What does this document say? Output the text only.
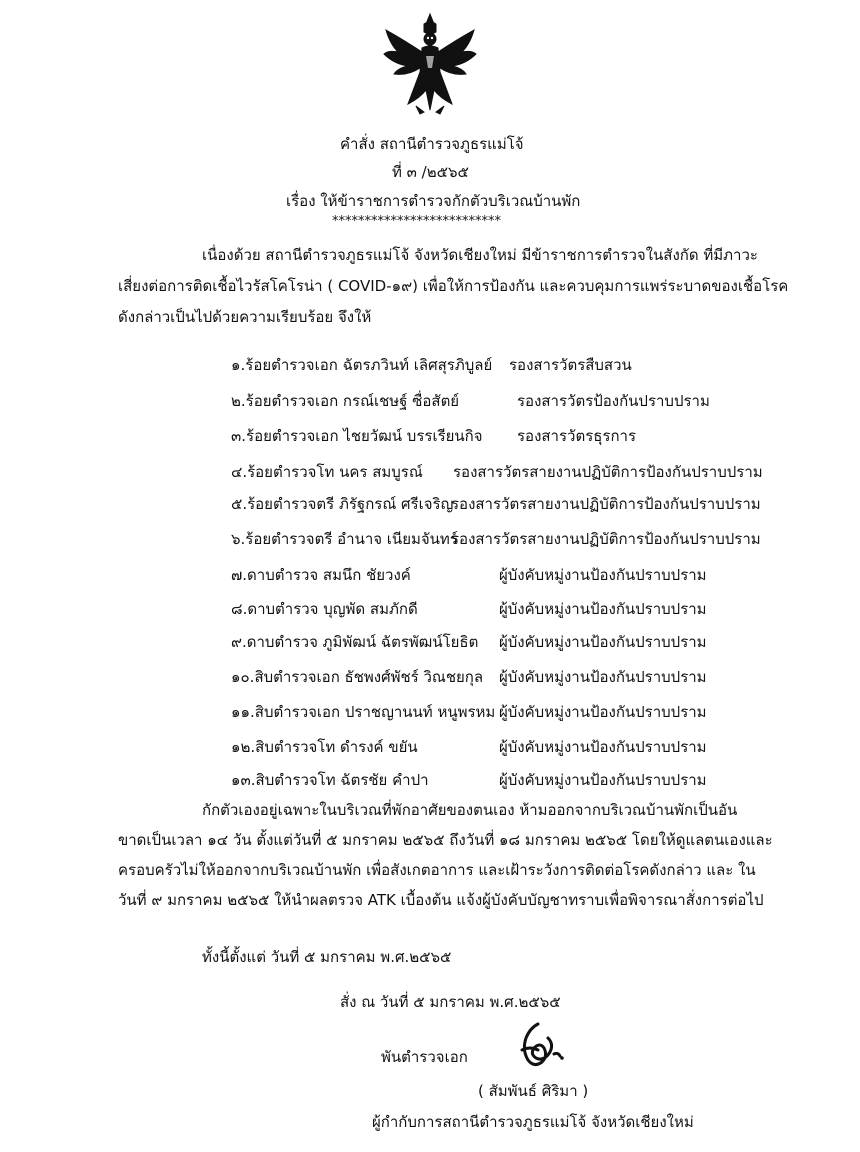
คำสั่ง สถานีตำรวจภูธรแม่โจ้
ที่ ๓ /๒๕๖๕
เรื่อง ให้ข้าราชการตำรวจกักตัวบริเวณบ้านพัก
**************************
เนื่องด้วย สถานีตำรวจภูธรแม่โจ้ จังหวัดเชียงใหม่ มีข้าราชการตำรวจในสังกัด ที่มีภาวะ
เสี่ยงต่อการติดเชื้อไวรัสโคโรน่า ( COVID-๑๙) เพื่อให้การป้องกัน และควบคุมการแพร่ระบาดของเชื้อโรค
ดังกล่าวเป็นไปด้วยความเรียบร้อย จึงให้
๑.ร้อยตำรวจเอก ฉัตรภวินท์ เลิศสุรภิบูลย์ รองสารวัตรสืบสวน
๒.ร้อยตำรวจเอก กรณ์เชษฐ์ ซื่อสัตย์	รองสารวัตรป้องกันปราบปราม
๓.ร้อยตำรวจเอก ไชยวัฒน์ บรรเรียนกิจ รองสารวัตรธุรการ
๔.ร้อยตำรวจโท นคร สมบูรณ์ รองสารวัตรสายงานปฏิบัติการป้องกันปราบปราม
๕.ร้อยตำรวจตรี ภิรัฐกรณ์ ศรีเจริญรองสารวัตรสายงานปฏิบัติการป้องกันปราบปราม
๖.ร้อยตำรวจตรี อำนาจ เนียมจันทร์รองสารวัตรสายงานปฏิบัติการป้องกันปราบปราม
๗.ดาบตำรวจ สมนึก ชัยวงค์	ผู้บังคับหมู่งานป้องกันปราบปราม
๘.ดาบตำรวจ บุญพัด สมภักดี	ผู้บังคับหมู่งานป้องกันปราบปราม
๙.ดาบตำรวจ ภูมิพัฒน์ ฉัตรพัฒน์โยธิต ผู้บังคับหมู่งานป้องกันปราบปราม
๑๐.สิบตำรวจเอก ธัชพงศ์พัชร์ วิณชยกุล ผู้บังคับหมู่งานป้องกันปราบปราม
๑๑.สิบตำรวจเอก ปราชญานนท์ หนูพรหม ผู้บังคับหมู่งานป้องกันปราบปราม
๑๒.สิบตำรวจโท ดำรงค์ ขยัน	ผู้บังคับหมู่งานป้องกันปราบปราม
๑๓.สิบตำรวจโท ฉัตรชัย คำปา	ผู้บังคับหมู่งานป้องกันปราบปราม
กักตัวเองอยู่เฉพาะในบริเวณที่พักอาศัยของตนเอง ห้ามออกจากบริเวณบ้านพักเป็นอัน
ขาดเป็นเวลา ๑๔ วัน ตั้งแต่วันที่ ๕ มกราคม ๒๕๖๕ ถึงวันที่ ๑๘ มกราคม ๒๕๖๕ โดยให้ดูแลตนเองและ
ครอบครัวไม่ให้ออกจากบริเวณบ้านพัก เพื่อสังเกตอาการ และเฝ้าระวังการติดต่อโรคดังกล่าว และ ใน
วันที่ ๙ มกราคม ๒๕๖๕ ให้นำผลตรวจ ATK เบื้องต้น แจ้งผู้บังคับบัญชาทราบเพื่อพิจารณาสั่งการต่อไป
ทั้งนี้ตั้งแต่ วันที่ ๕ มกราคม พ.ศ.๒๕๖๕
สั่ง ณ วันที่ ๕ มกราคม พ.ศ.๒๕๖๕
พันตำรวจเอก
( สัมพันธ์ ศิริมา )
ผู้กำกับการสถานีตำรวจภูธรแม่โจ้ จังหวัดเชียงใหม่
